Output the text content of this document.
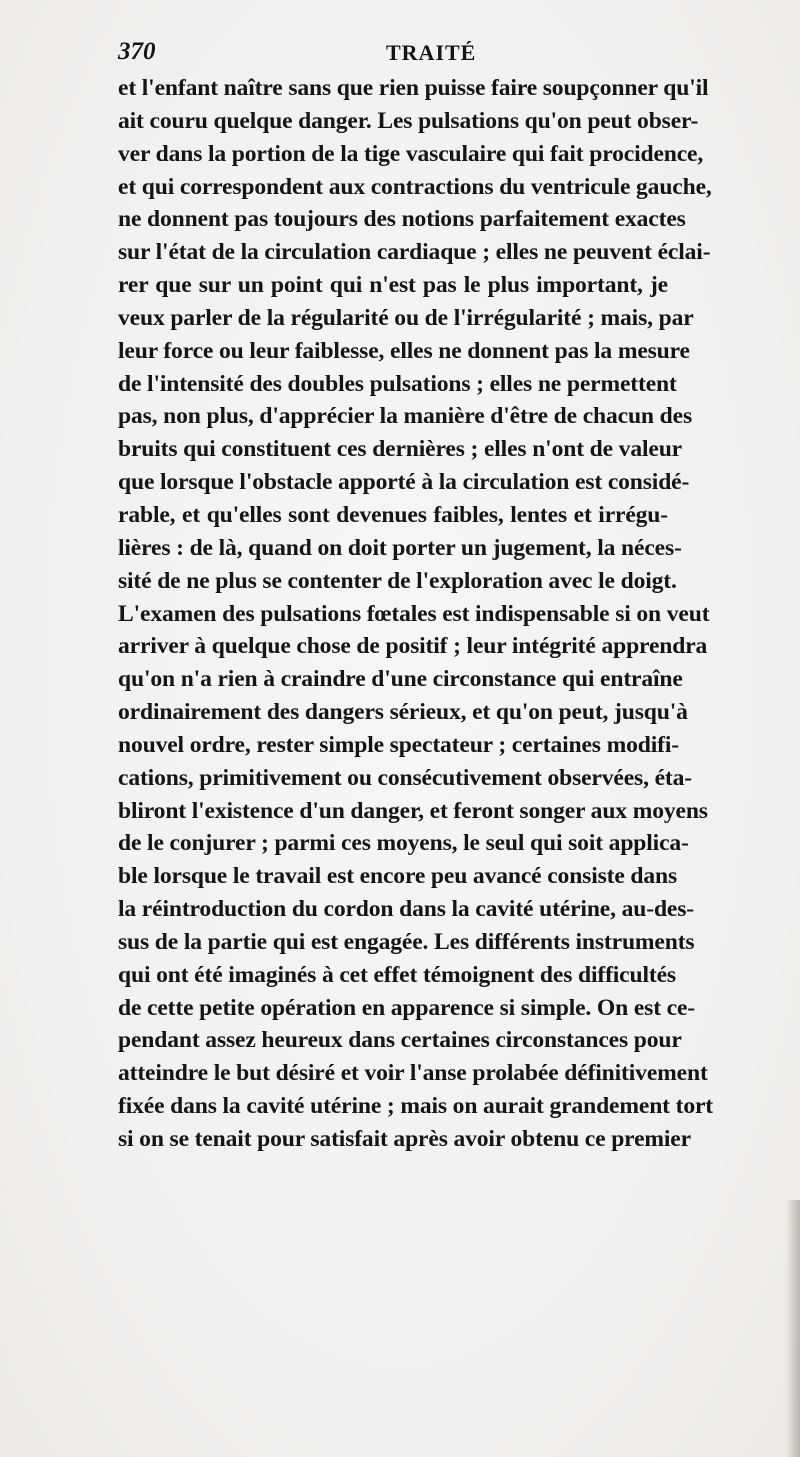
370	TRAITÉ
et l'enfant naître sans que rien puisse faire soupçonner qu'il
ait couru quelque danger. Les pulsations qu'on peut obser-
ver dans la portion de la tige vasculaire qui fait procidence,
et qui correspondent aux contractions du ventricule gauche,
ne donnent pas toujours des notions parfaitement exactes
sur l'état de la circulation cardiaque ; elles ne peuvent éclai-
rer que sur un point qui n'est pas le plus important, je
veux parler de la régularité ou de l'irrégularité ; mais, par
leur force ou leur faiblesse, elles ne donnent pas la mesure
de l'intensité des doubles pulsations ; elles ne permettent
pas, non plus, d'apprécier la manière d'être de chacun des
bruits qui constituent ces dernières ; elles n'ont de valeur
que lorsque l'obstacle apporté à la circulation est considé-
rable, et qu'elles sont devenues faibles, lentes et irrégu-
lières : de là, quand on doit porter un jugement, la néces-
sité de ne plus se contenter de l'exploration avec le doigt.
L'examen des pulsations fœtales est indispensable si on veut
arriver à quelque chose de positif ; leur intégrité apprendra
qu'on n'a rien à craindre d'une circonstance qui entraîne
ordinairement des dangers sérieux, et qu'on peut, jusqu'à
nouvel ordre, rester simple spectateur ; certaines modifi-
cations, primitivement ou consécutivement observées, éta-
bliront l'existence d'un danger, et feront songer aux moyens
de le conjurer ; parmi ces moyens, le seul qui soit applica-
ble lorsque le travail est encore peu avancé consiste dans
la réintroduction du cordon dans la cavité utérine, au-des-
sus de la partie qui est engagée. Les différents instruments
qui ont été imaginés à cet effet témoignent des difficultés
de cette petite opération en apparence si simple. On est ce-
pendant assez heureux dans certaines circonstances pour
atteindre le but désiré et voir l'anse prolabée définitivement
fixée dans la cavité utérine ; mais on aurait grandement tort
si on se tenait pour satisfait après avoir obtenu ce premier
